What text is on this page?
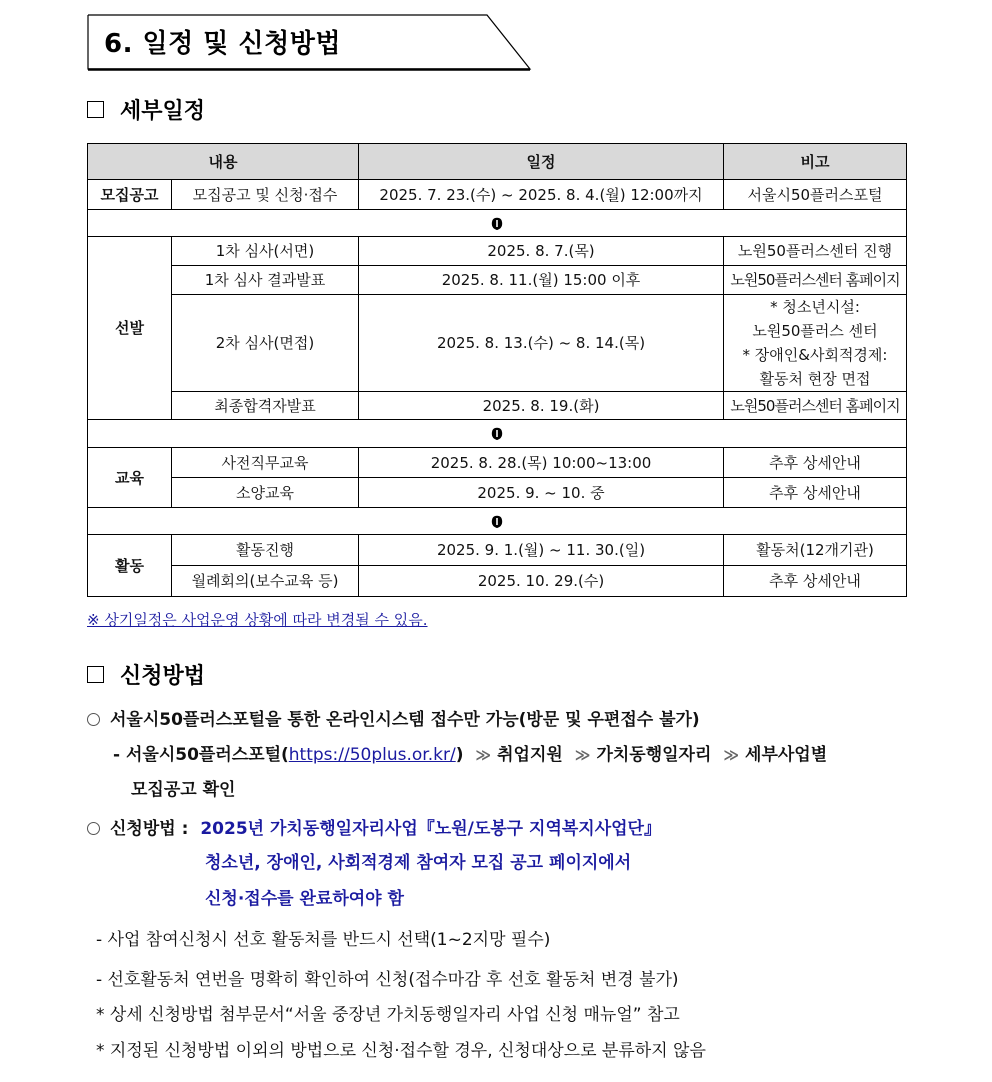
6. 일정 및 신청방법
세부일정
내용		일정	비고
모집공고	모집공고 및 신청·접수	2025. 7. 23.(수) ~ 2025. 8. 4.(월) 12:00까지	서울시50플러스포털

선발	1차 심사(서면)	2025. 8. 7.(목)	노원50플러스센터 진행
	1차 심사 결과발표	2025. 8. 11.(월) 15:00 이후	노원50플러스센터 홈페이지
	2차 심사(면접)	2025. 8. 13.(수) ~ 8. 14.(목)	* 청소년시설:
노원50플러스 센터
* 장애인&사회적경제:
활동처 현장 면접

	최종합격자발표	2025. 8. 19.(화)	노원50플러스센터 홈페이지

교육	사전직무교육	2025. 8. 28.(목) 10:00~13:00	추후 상세안내
	소양교육	2025. 9. ~ 10. 중	추후 상세안내

활동	활동진행	2025. 9. 1.(월) ~ 11. 30.(일)	활동처(12개기관)
	월례회의(보수교육 등)	2025. 10. 29.(수)	추후 상세안내
※ 상기일정은 사업운영 상황에 따라 변경될 수 있음.
신청방법
서울시50플러스포털을 통한 온라인시스템 접수만 가능(방문 및 우편접수 불가)
- 서울시50플러스포털(https://50plus.or.kr/) ≫ 취업지원 ≫ 가치동행일자리 ≫ 세부사업별
모집공고 확인
신청방법 : 2025년 가치동행일자리사업『노원/도봉구 지역복지사업단』
청소년, 장애인, 사회적경제 참여자 모집 공고 페이지에서
신청·접수를 완료하여야 함
- 사업 참여신청시 선호 활동처를 반드시 선택(1~2지망 필수)
- 선호활동처 연번을 명확히 확인하여 신청(접수마감 후 선호 활동처 변경 불가)
* 상세 신청방법 첨부문서“서울 중장년 가치동행일자리 사업 신청 매뉴얼” 참고
* 지정된 신청방법 이외의 방법으로 신청·접수할 경우, 신청대상으로 분류하지 않음
